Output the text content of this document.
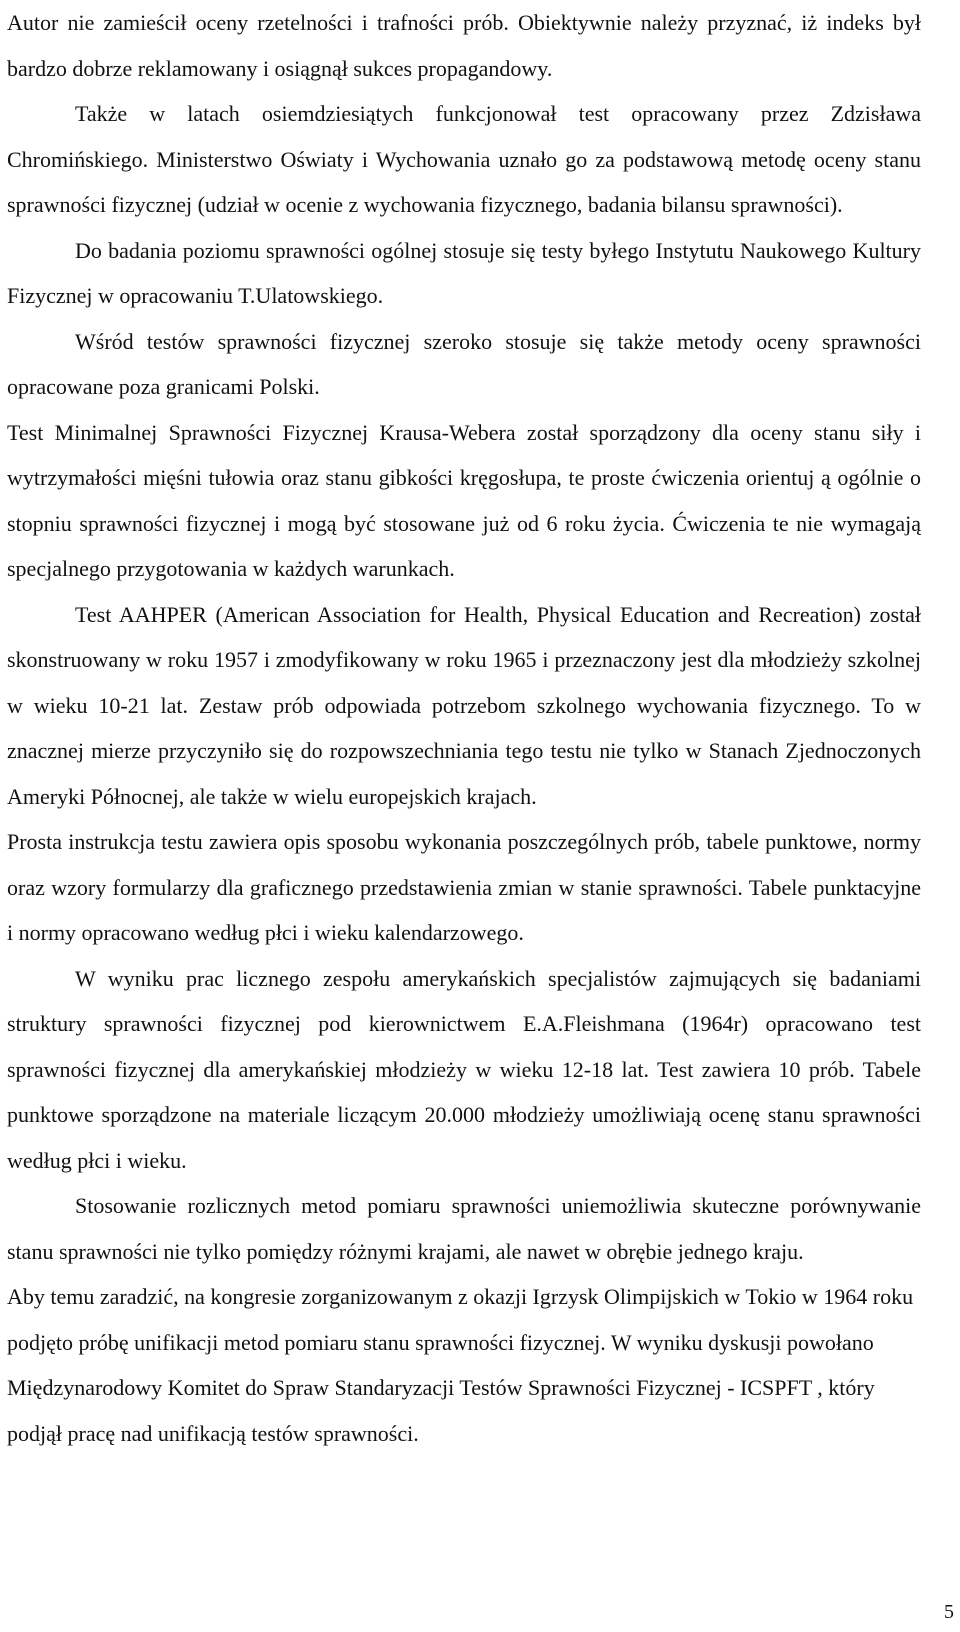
Autor nie zamieścił oceny rzetelności i trafności prób. Obiektywnie należy przyznać, iż indeks był bardzo dobrze reklamowany i osiągnął sukces propagandowy.

Także w latach osiemdziesiątych funkcjonował test opracowany przez Zdzisława Chromińskiego. Ministerstwo Oświaty i Wychowania uznało go za podstawową metodę oceny stanu sprawności fizycznej (udział w ocenie z wychowania fizycznego, badania bilansu sprawności).

Do badania poziomu sprawności ogólnej stosuje się testy byłego Instytutu Naukowego Kultury Fizycznej w opracowaniu T.Ulatowskiego.

Wśród testów sprawności fizycznej szeroko stosuje się także metody oceny sprawności opracowane poza granicami Polski.

Test Minimalnej Sprawności Fizycznej Krausa-Webera został sporządzony dla oceny stanu siły i wytrzymałości mięśni tułowia oraz stanu gibkości kręgosłupa, te proste ćwiczenia orientuj ą ogólnie o stopniu sprawności fizycznej i mogą być stosowane już od 6 roku życia. Ćwiczenia te nie wymagają specjalnego przygotowania w każdych warunkach.

Test AAHPER (American Association for Health, Physical Education and Recreation) został skonstruowany w roku 1957 i zmodyfikowany w roku 1965 i przeznaczony jest dla młodzieży szkolnej w wieku 10-21 lat. Zestaw prób odpowiada potrzebom szkolnego wychowania fizycznego. To w znacznej mierze przyczyniło się do rozpowszechniania tego testu nie tylko w Stanach Zjednoczonych Ameryki Północnej, ale także w wielu europejskich krajach.

Prosta instrukcja testu zawiera opis sposobu wykonania poszczególnych prób, tabele punktowe, normy oraz wzory formularzy dla graficznego przedstawienia zmian w stanie sprawności. Tabele punktacyjne i normy opracowano według płci i wieku kalendarzowego.

W wyniku prac licznego zespołu amerykańskich specjalistów zajmujących się badaniami struktury sprawności fizycznej pod kierownictwem E.A.Fleishmana (1964r) opracowano test sprawności fizycznej dla amerykańskiej młodzieży w wieku 12-18 lat. Test zawiera 10 prób. Tabele punktowe sporządzone na materiale liczącym 20.000 młodzieży umożliwiają ocenę stanu sprawności według płci i wieku.

Stosowanie rozlicznych metod pomiaru sprawności uniemożliwia skuteczne porównywanie stanu sprawności nie tylko pomiędzy różnymi krajami, ale nawet w obrębie jednego kraju.

Aby temu zaradzić, na kongresie zorganizowanym z okazji Igrzysk Olimpijskich w Tokio w 1964 roku podjęto próbę unifikacji metod pomiaru stanu sprawności fizycznej. W wyniku dyskusji powołano Międzynarodowy Komitet do Spraw Standaryzacji Testów Sprawności Fizycznej - ICSPFT , który podjął pracę nad unifikacją testów sprawności.

5
